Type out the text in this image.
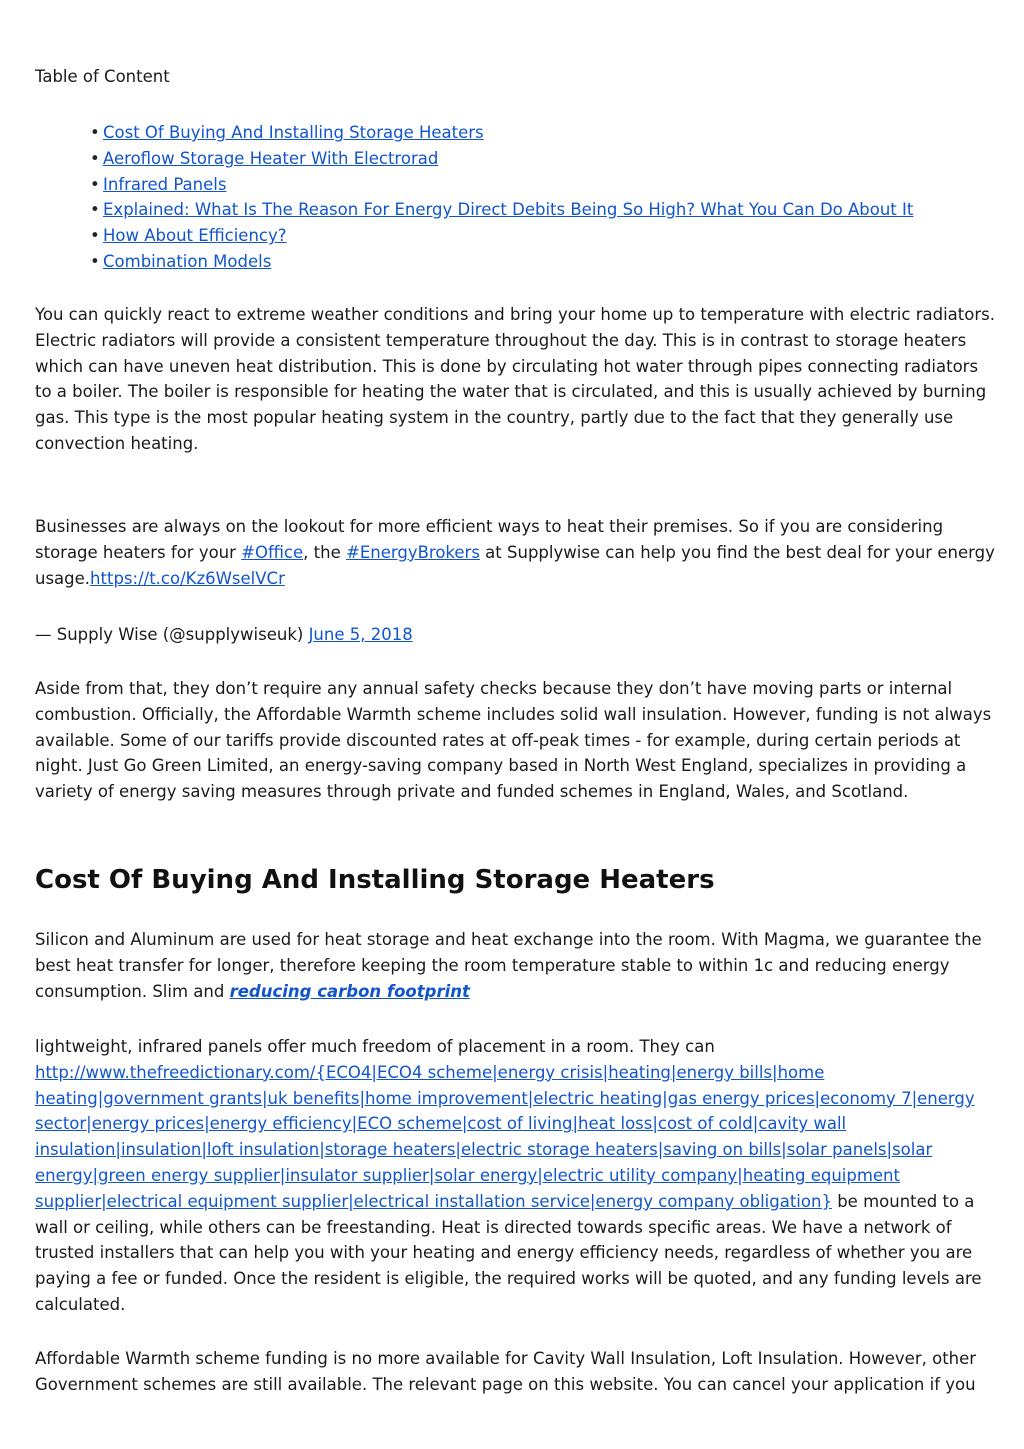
Table of Content
• Cost Of Buying And Installing Storage Heaters
• Aeroflow Storage Heater With Electrorad
• Infrared Panels
• Explained: What Is The Reason For Energy Direct Debits Being So High? What You Can Do About It
• How About Efficiency?
• Combination Models

You can quickly react to extreme weather conditions and bring your home up to temperature with electric radiators. Electric radiators will provide a consistent temperature throughout the day. This is in contrast to storage heaters which can have uneven heat distribution. This is done by circulating hot water through pipes connecting radiators to a boiler. The boiler is responsible for heating the water that is circulated, and this is usually achieved by burning gas. This type is the most popular heating system in the country, partly due to the fact that they generally use convection heating.

Businesses are always on the lookout for more efficient ways to heat their premises. So if you are considering storage heaters for your #Office, the #EnergyBrokers at Supplywise can help you find the best deal for your energy usage.https://t.co/Kz6WselVCr

— Supply Wise (@supplywiseuk) June 5, 2018

Aside from that, they don’t require any annual safety checks because they don’t have moving parts or internal combustion. Officially, the Affordable Warmth scheme includes solid wall insulation. However, funding is not always available. Some of our tariffs provide discounted rates at off-peak times - for example, during certain periods at night. Just Go Green Limited, an energy-saving company based in North West England, specializes in providing a variety of energy saving measures through private and funded schemes in England, Wales, and Scotland.

Cost Of Buying And Installing Storage Heaters

Silicon and Aluminum are used for heat storage and heat exchange into the room. With Magma, we guarantee the best heat transfer for longer, therefore keeping the room temperature stable to within 1c and reducing energy consumption. Slim and reducing carbon footprint

lightweight, infrared panels offer much freedom of placement in a room. They can http://www.thefreedictionary.com/{ECO4|ECO4 scheme|energy crisis|heating|energy bills|home heating|government grants|uk benefits|home improvement|electric heating|gas energy prices|economy 7|energy sector|energy prices|energy efficiency|ECO scheme|cost of living|heat loss|cost of cold|cavity wall insulation|insulation|loft insulation|storage heaters|electric storage heaters|saving on bills|solar panels|solar energy|green energy supplier|insulator supplier|solar energy|electric utility company|heating equipment supplier|electrical equipment supplier|electrical installation service|energy company obligation} be mounted to a wall or ceiling, while others can be freestanding. Heat is directed towards specific areas. We have a network of trusted installers that can help you with your heating and energy efficiency needs, regardless of whether you are paying a fee or funded. Once the resident is eligible, the required works will be quoted, and any funding levels are calculated.

Affordable Warmth scheme funding is no more available for Cavity Wall Insulation, Loft Insulation. However, other Government schemes are still available. The relevant page on this website. You can cancel your application if you
